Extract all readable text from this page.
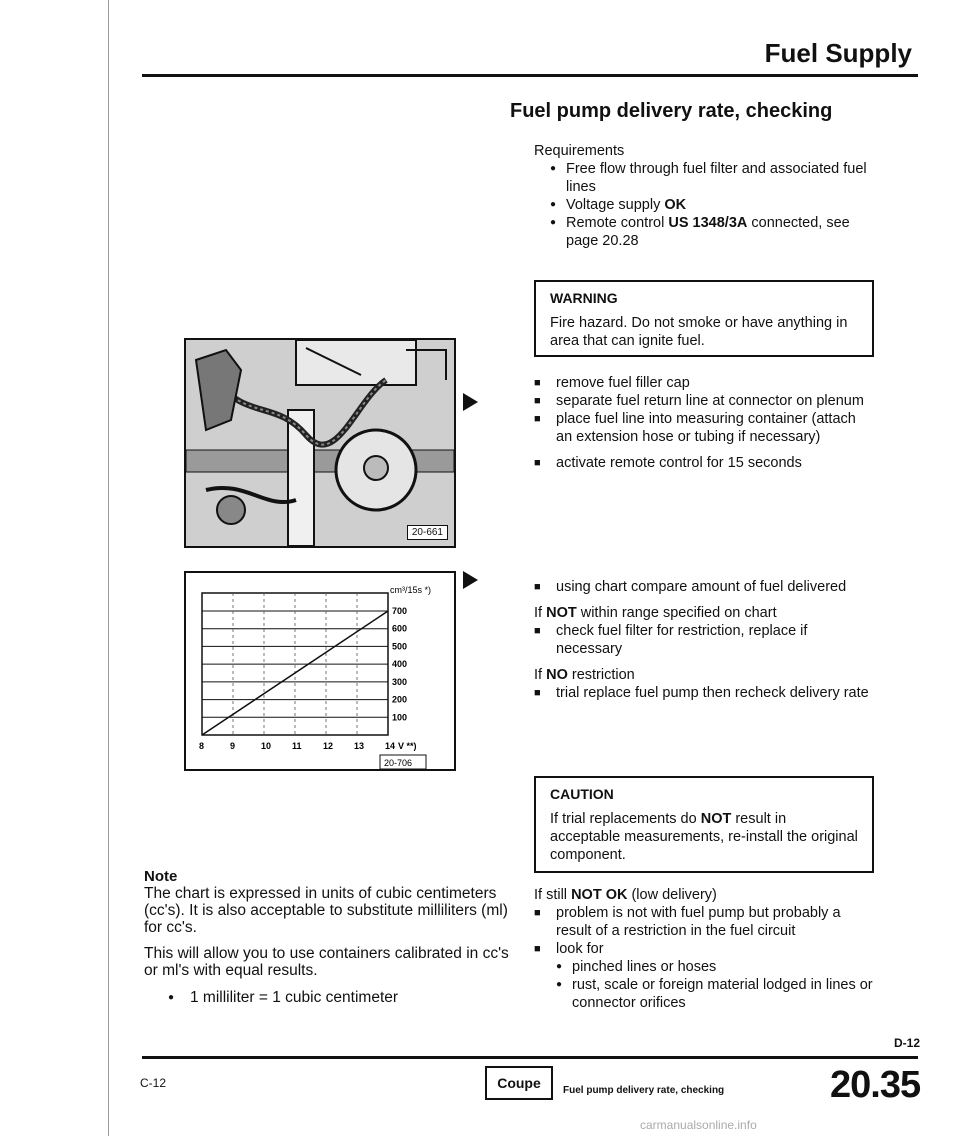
Fuel Supply
Fuel pump delivery rate, checking
Requirements
● Free flow through fuel filter and associated fuel lines
● Voltage supply OK
● Remote control US 1348/3A connected, see page 20.28
WARNING
Fire hazard. Do not smoke or have anything in area that can ignite fuel.
■ remove fuel filler cap
■ separate fuel return line at connector on plenum
■ place fuel line into measuring container (attach an extension hose or tubing if necessary)
■ activate remote control for 15 seconds
■ using chart compare amount of fuel delivered
If NOT within range specified on chart
■ check fuel filter for restriction, replace if necessary
If NO restriction
■ trial replace fuel pump then recheck delivery rate
CAUTION
If trial replacements do NOT result in acceptable measurements, re-install the original component.
If still NOT OK (low delivery)
■ problem is not with fuel pump but probably a result of a restriction in the fuel circuit
■ look for
● pinched lines or hoses
● rust, scale or foreign material lodged in lines or connector orifices
20-661
100
200
300
400
500
600
700
cm³/15s *)
8	9	10 11 12 13 14 V **)
20-706
Note
The chart is expressed in units of cubic centimeters (cc's). It is also acceptable to substitute milliliters (ml) for cc's.
This will allow you to use containers calibrated in cc's or ml's with equal results.
● 1 milliliter = 1 cubic centimeter
D-12
C-12	Coupe	Fuel pump delivery rate, checking	20.35
carmanualsonline.info
